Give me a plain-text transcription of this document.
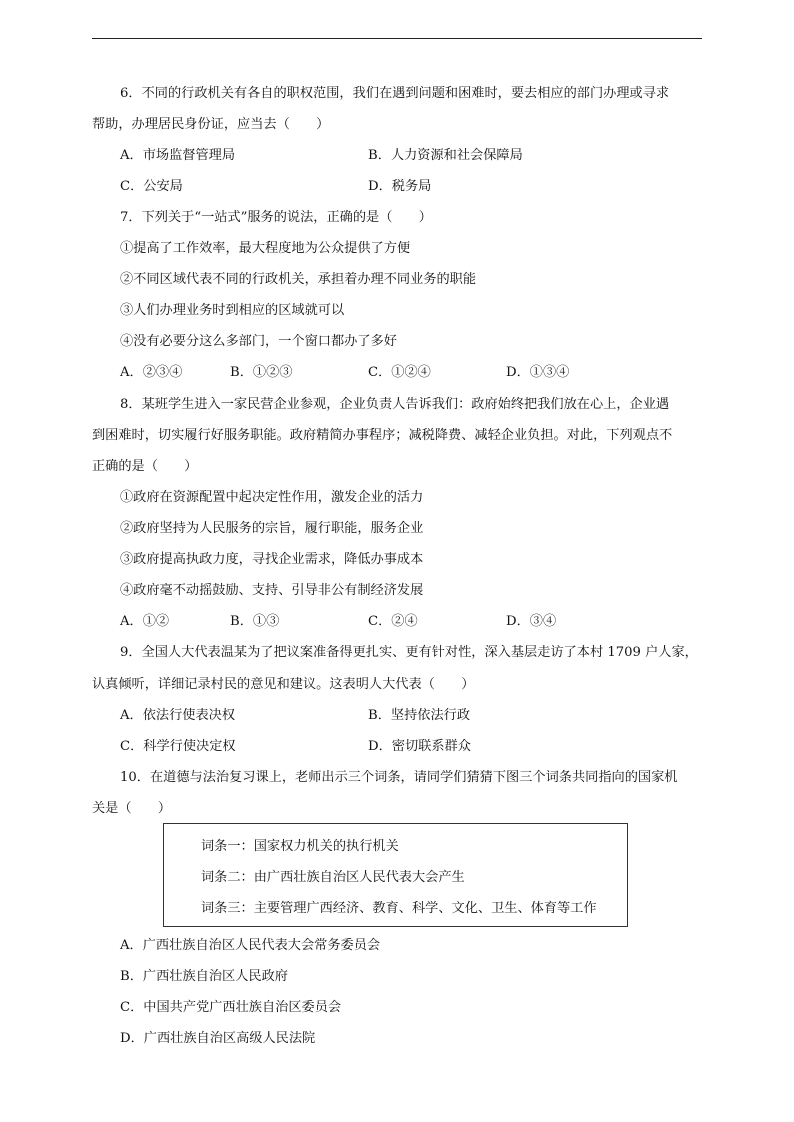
6．不同的行政机关有各自的职权范围，我们在遇到问题和困难时，要去相应的部门办理或寻求
帮助，办理居民身份证，应当去（　　）
A．市场监督管理局	B．人力资源和社会保障局
C．公安局	D．税务局
7．下列关于“一站式”服务的说法，正确的是（　　）
①提高了工作效率，最大程度地为公众提供了方便
②不同区域代表不同的行政机关，承担着办理不同业务的职能
③人们办理业务时到相应的区域就可以
④没有必要分这么多部门，一个窗口都办了多好
A．②③④	B．①②③	C．①②④	D．①③④
8．某班学生进入一家民营企业参观，企业负责人告诉我们：政府始终把我们放在心上，企业遇
到困难时，切实履行好服务职能。政府精简办事程序；减税降费、减轻企业负担。对此，下列观点不
正确的是（　　）
①政府在资源配置中起决定性作用，激发企业的活力
②政府坚持为人民服务的宗旨，履行职能，服务企业
③政府提高执政力度，寻找企业需求，降低办事成本
④政府毫不动摇鼓励、支持、引导非公有制经济发展
A．①②	B．①③	C．②④	D．③④
9．全国人大代表温某为了把议案准备得更扎实、更有针对性，深入基层走访了本村 1709 户人家，
认真倾听，详细记录村民的意见和建议。这表明人大代表（　　）
A．依法行使表决权	B．坚持依法行政
C．科学行使决定权	D．密切联系群众
10．在道德与法治复习课上，老师出示三个词条，请同学们猜猜下图三个词条共同指向的国家机
关是（　　）
词条一：国家权力机关的执行机关
词条二：由广西壮族自治区人民代表大会产生
词条三：主要管理广西经济、教育、科学、文化、卫生、体育等工作
A．广西壮族自治区人民代表大会常务委员会
B．广西壮族自治区人民政府
C．中国共产党广西壮族自治区委员会
D．广西壮族自治区高级人民法院
